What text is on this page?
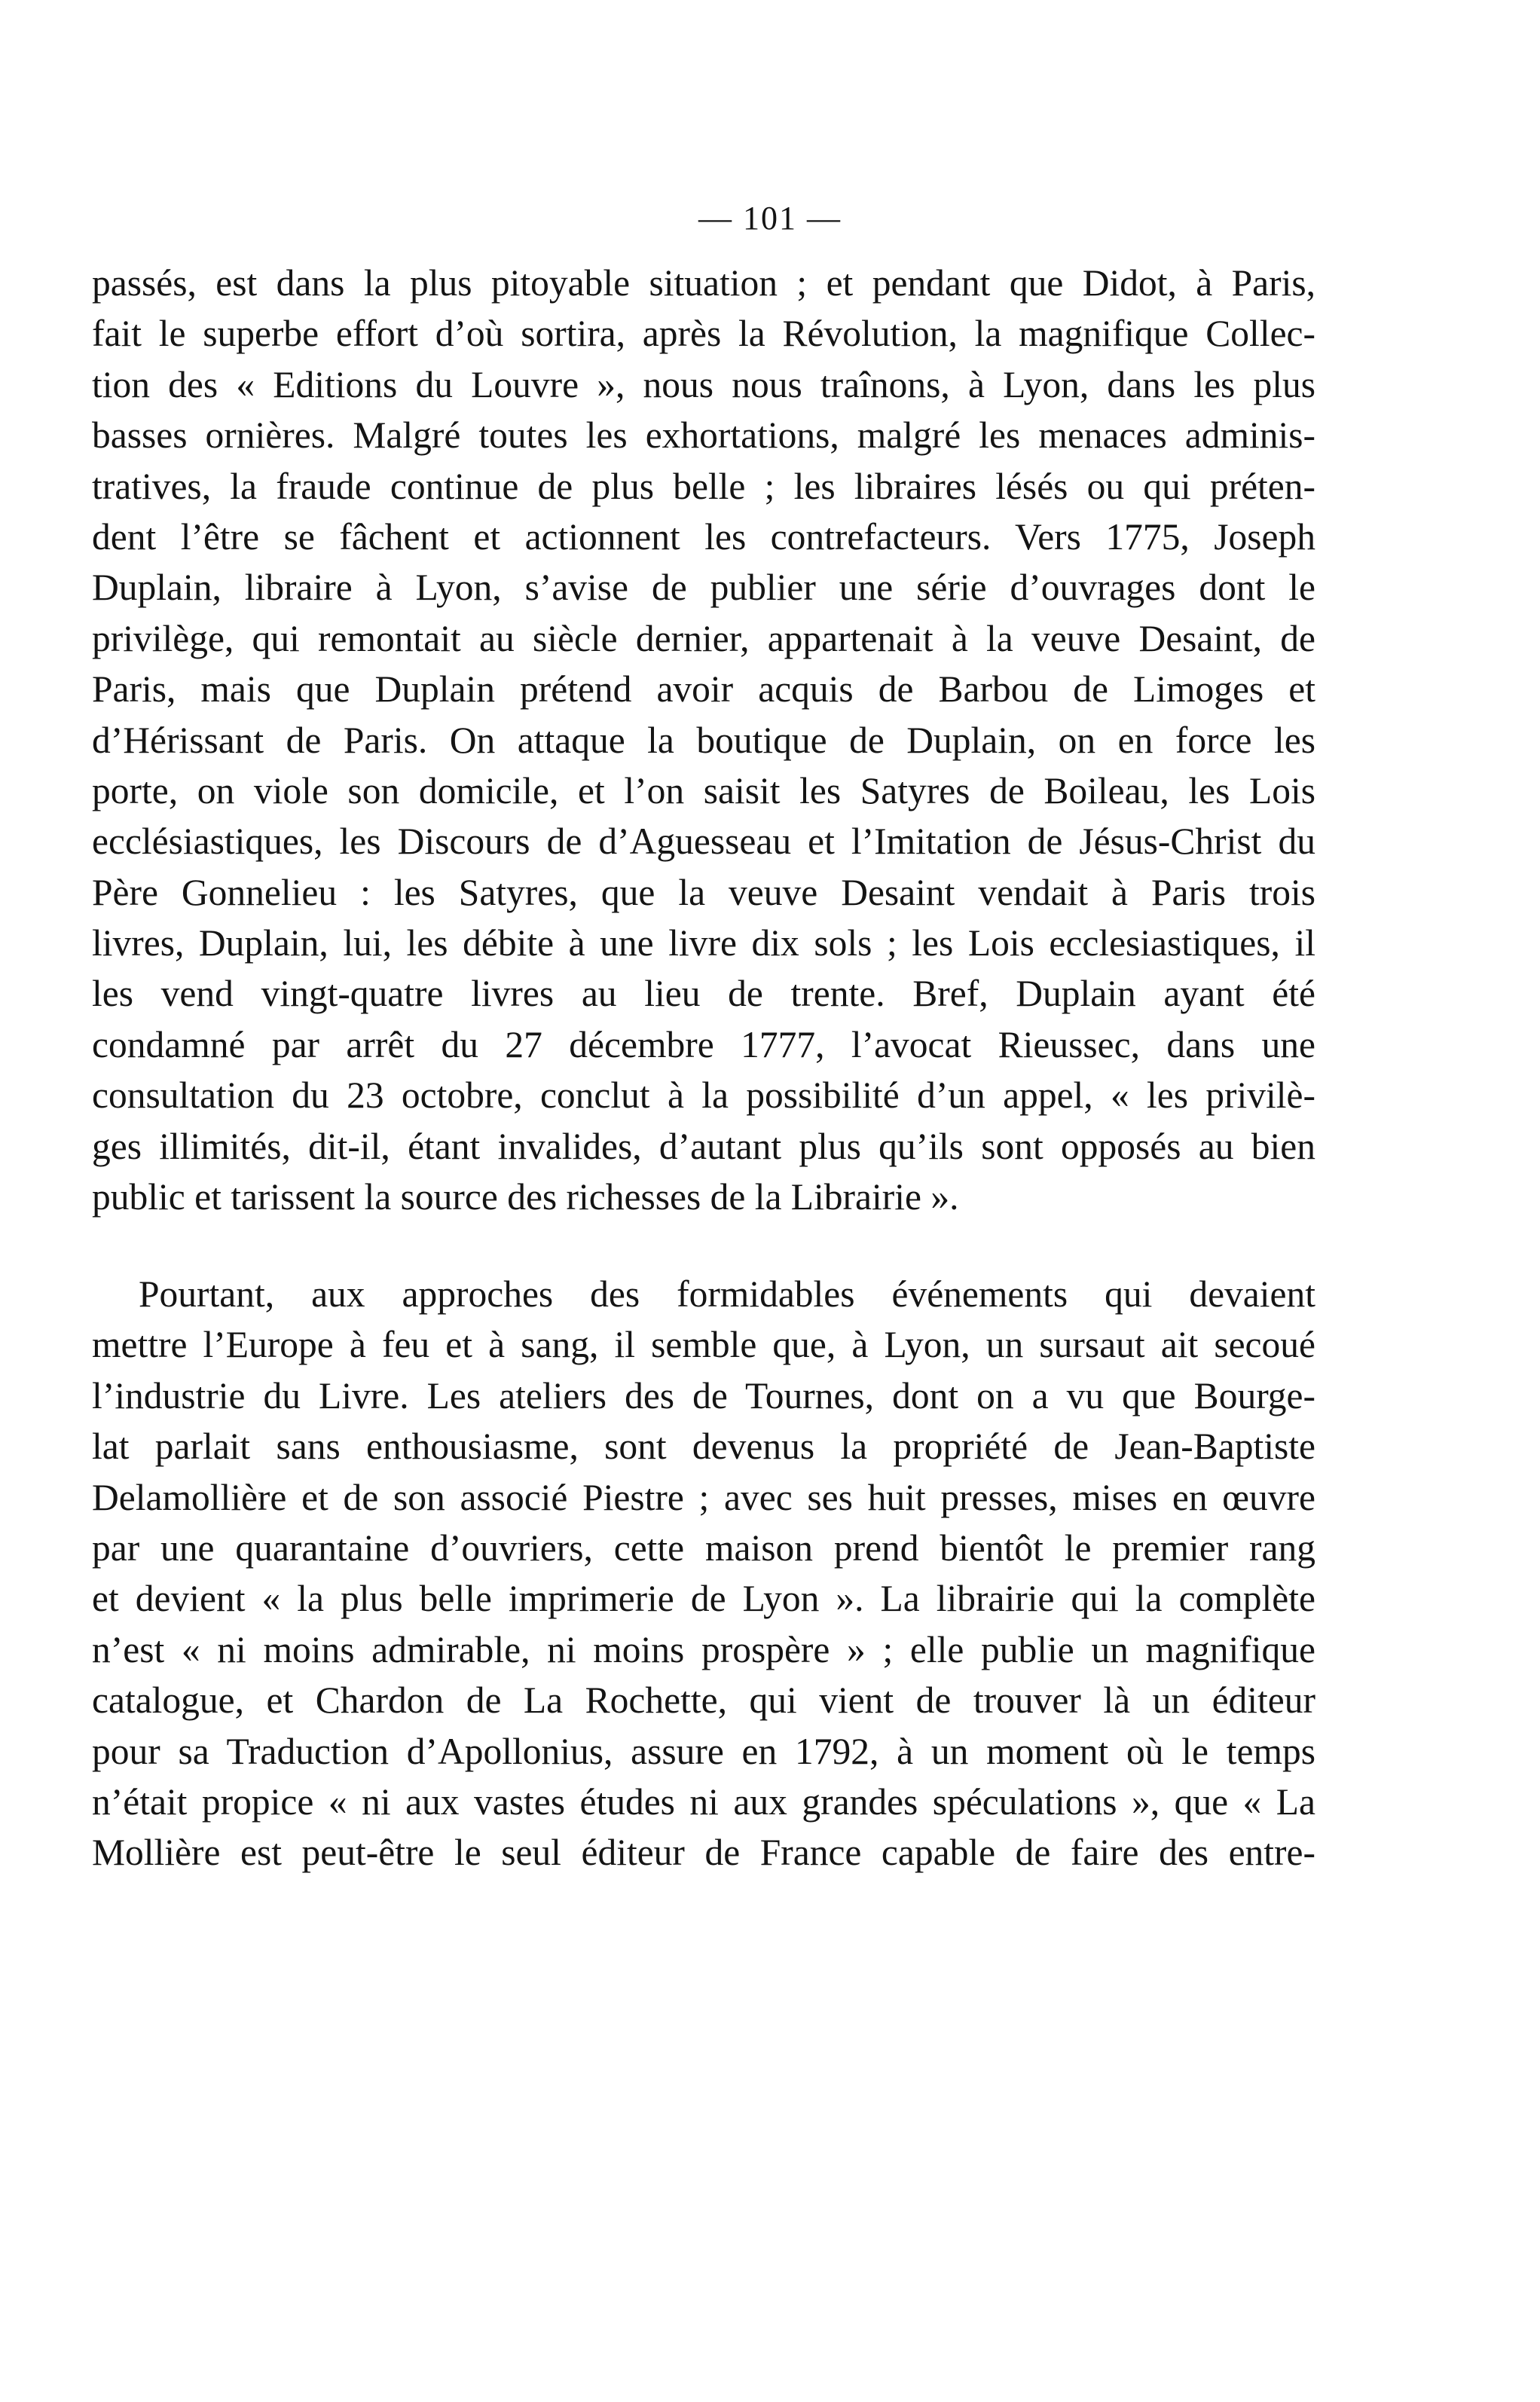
— 101 —
passés, est dans la plus pitoyable situation ; et pendant que Didot, à Paris,
fait le superbe effort d’où sortira, après la Révolution, la magnifique Collec-
tion des « Editions du Louvre », nous nous traînons, à Lyon, dans les plus
basses ornières. Malgré toutes les exhortations, malgré les menaces adminis-
tratives, la fraude continue de plus belle ; les libraires lésés ou qui préten-
dent l’être se fâchent et actionnent les contrefacteurs. Vers 1775, Joseph
Duplain, libraire à Lyon, s’avise de publier une série d’ouvrages dont le
privilège, qui remontait au siècle dernier, appartenait à la veuve Desaint, de
Paris, mais que Duplain prétend avoir acquis de Barbou de Limoges et
d’Hérissant de Paris. On attaque la boutique de Duplain, on en force les
porte, on viole son domicile, et l’on saisit les Satyres de Boileau, les Lois
ecclésiastiques, les Discours de d’Aguesseau et l’Imitation de Jésus-Christ du
Père Gonnelieu : les Satyres, que la veuve Desaint vendait à Paris trois
livres, Duplain, lui, les débite à une livre dix sols ; les Lois ecclesiastiques, il
les vend vingt-quatre livres au lieu de trente. Bref, Duplain ayant été
condamné par arrêt du 27 décembre 1777, l’avocat Rieussec, dans une
consultation du 23 octobre, conclut à la possibilité d’un appel, « les privilè-
ges illimités, dit-il, étant invalides, d’autant plus qu’ils sont opposés au bien
public et tarissent la source des richesses de la Librairie ».
Pourtant, aux approches des formidables événements qui devaient
mettre l’Europe à feu et à sang, il semble que, à Lyon, un sursaut ait secoué
l’industrie du Livre. Les ateliers des de Tournes, dont on a vu que Bourge-
lat parlait sans enthousiasme, sont devenus la propriété de Jean-Baptiste
Delamollière et de son associé Piestre ; avec ses huit presses, mises en œuvre
par une quarantaine d’ouvriers, cette maison prend bientôt le premier rang
et devient « la plus belle imprimerie de Lyon ». La librairie qui la complète
n’est « ni moins admirable, ni moins prospère » ; elle publie un magnifique
catalogue, et Chardon de La Rochette, qui vient de trouver là un éditeur
pour sa Traduction d’Apollonius, assure en 1792, à un moment où le temps
n’était propice « ni aux vastes études ni aux grandes spéculations », que « La
Mollière est peut-être le seul éditeur de France capable de faire des entre-
